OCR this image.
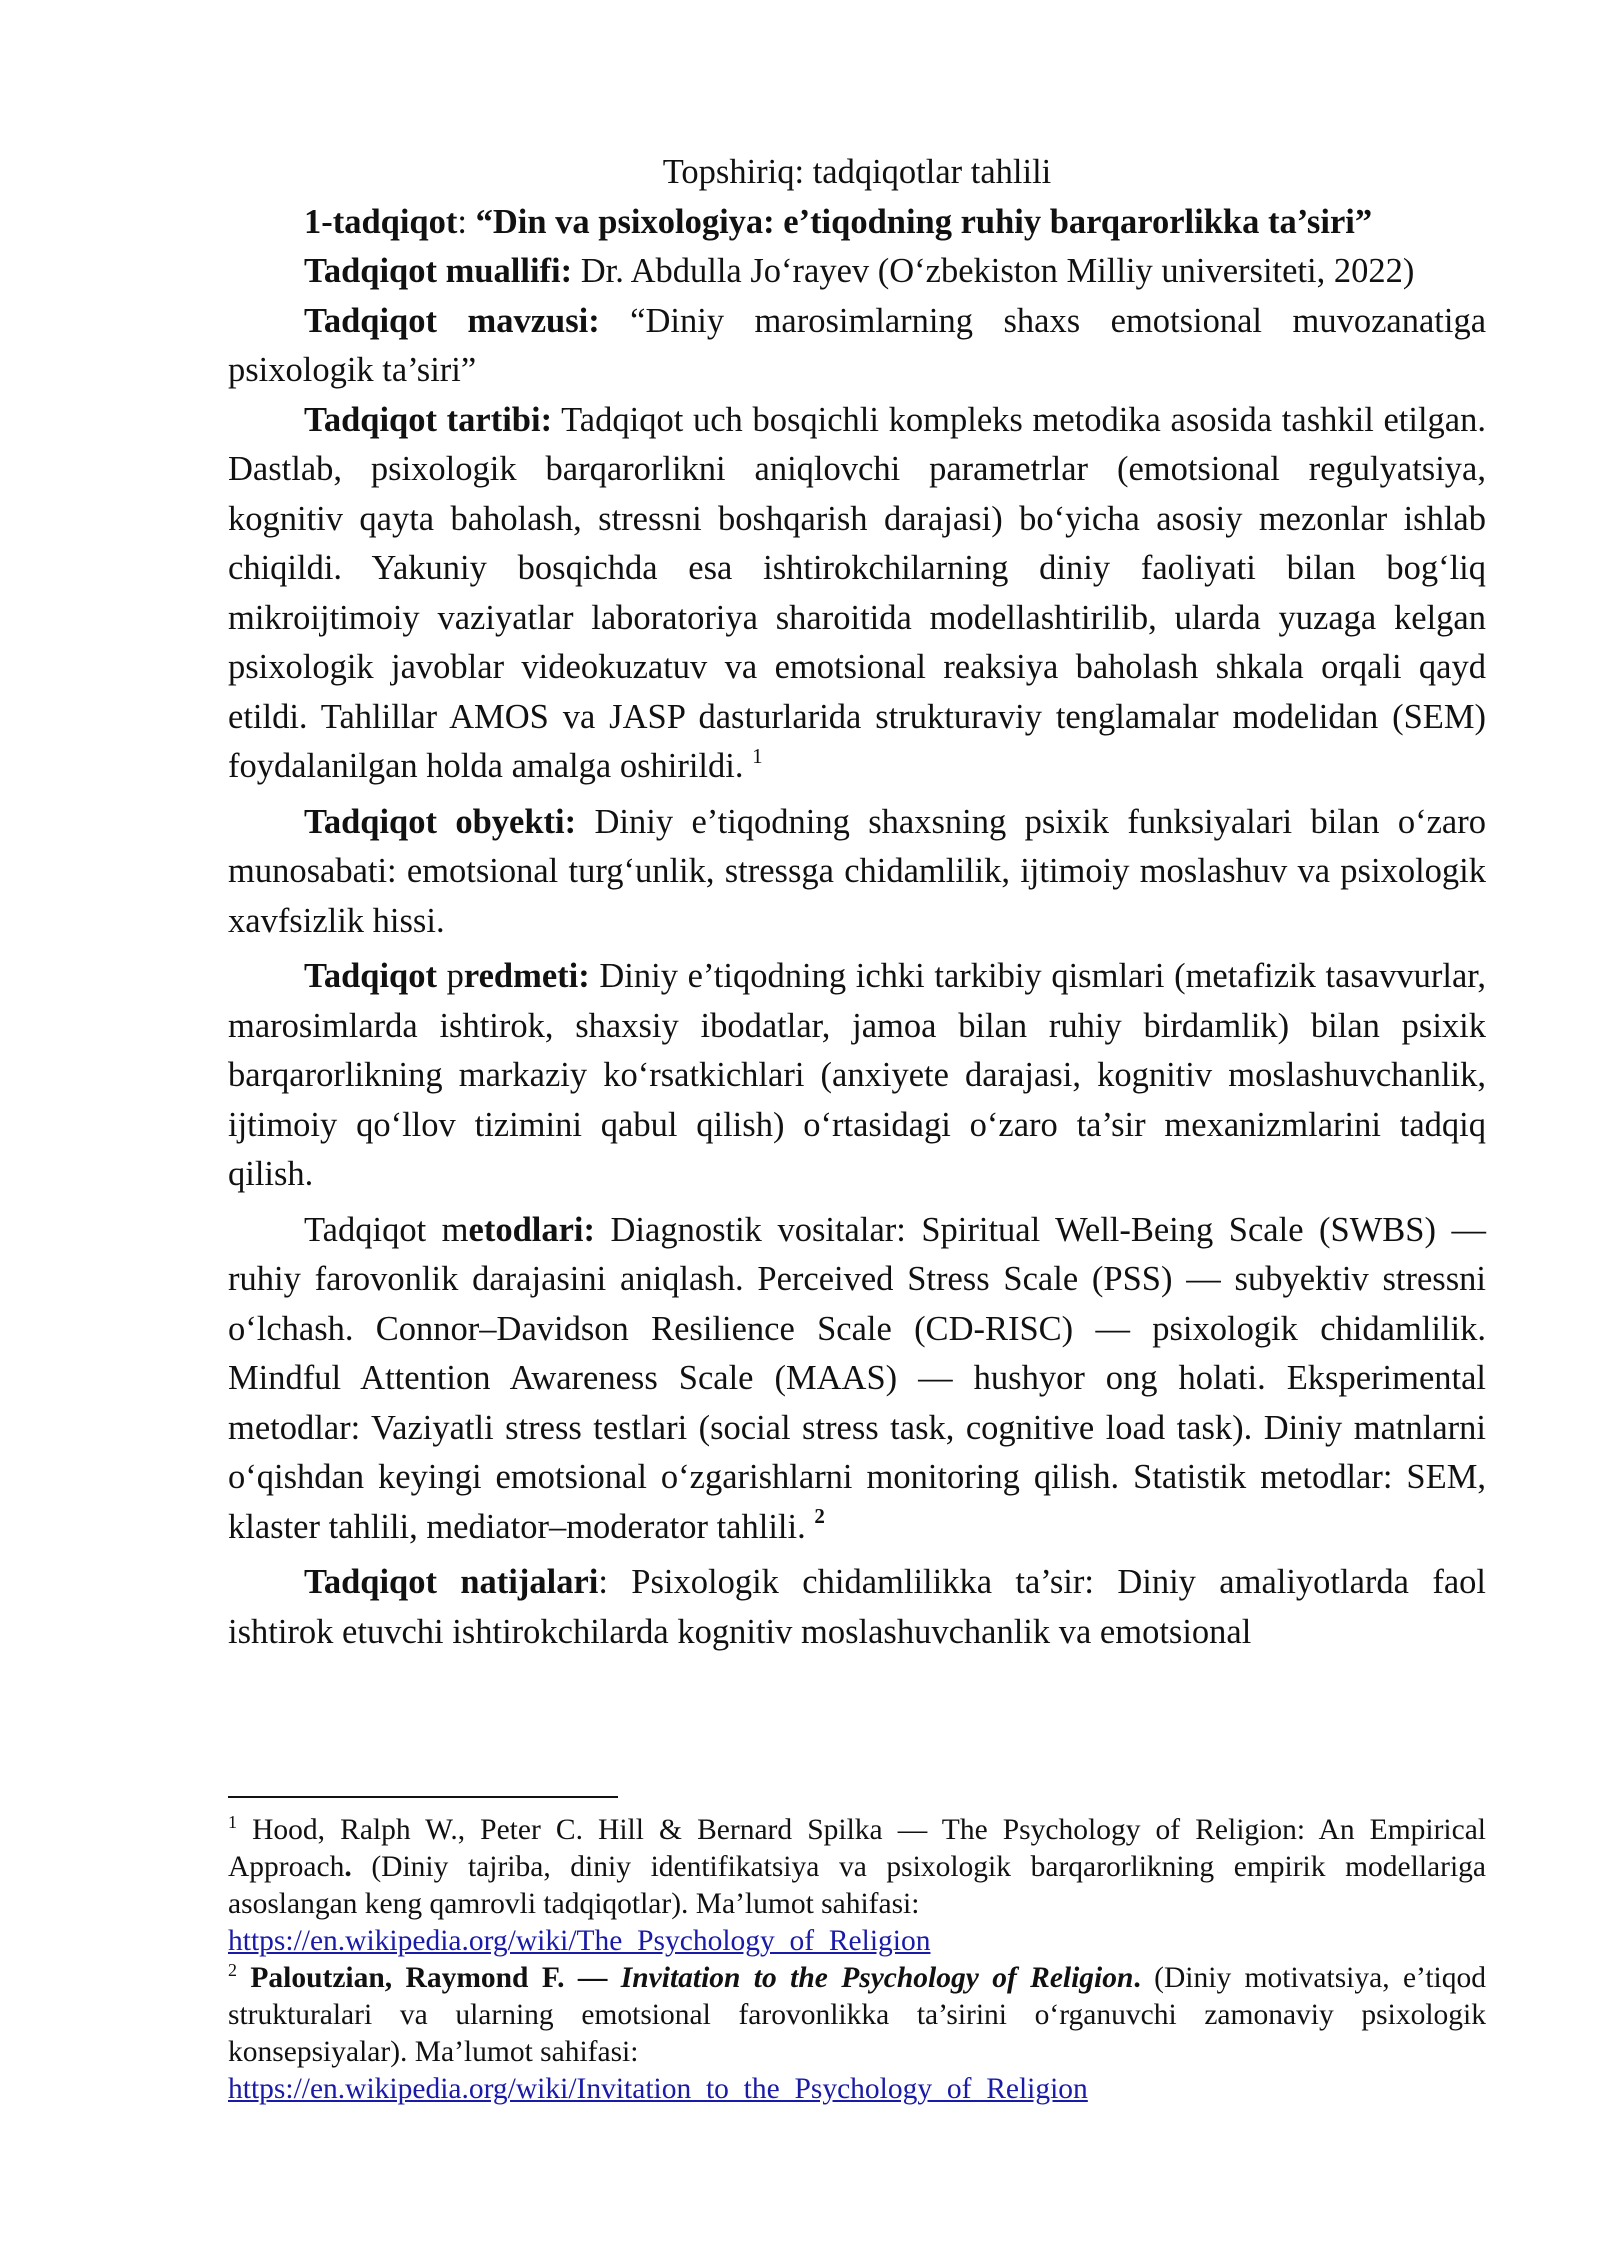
Topshiriq: tadqiqotlar tahlili

1-tadqiqot: “Din va psixologiya: e’tiqodning ruhiy barqarorlikka ta’siri”

Tadqiqot muallifi: Dr. Abdulla Jo‘rayev (O‘zbekiston Milliy universiteti, 2022)

Tadqiqot mavzusi: “Diniy marosimlarning shaxs emotsional muvozanatiga psixologik ta’siri”

Tadqiqot tartibi: Tadqiqot uch bosqichli kompleks metodika asosida tashkil etilgan. Dastlab, psixologik barqarorlikni aniqlovchi parametrlar (emotsional regulyatsiya, kognitiv qayta baholash, stressni boshqarish darajasi) bo‘yicha asosiy mezonlar ishlab chiqildi. Yakuniy bosqichda esa ishtirokchilarning diniy faoliyati bilan bog‘liq mikroijtimoiy vaziyatlar laboratoriya sharoitida modellashtirilib, ularda yuzaga kelgan psixologik javoblar videokuzatuv va emotsional reaksiya baholash shkala orqali qayd etildi. Tahlillar AMOS va JASP dasturlarida strukturaviy tenglamalar modelidan (SEM) foydalanilgan holda amalga oshirildi. $^1$

Tadqiqot obyekti: Diniy e’tiqodning shaxsning psixik funksiyalari bilan o‘zaro munosabati: emotsional turg‘unlik, stressga chidamlilik, ijtimoiy moslashuv va psixologik xavfsizlik hissi.

Tadqiqot predmeti: Diniy e’tiqodning ichki tarkibiy qismlari (metafizik tasavvurlar, marosimlarda ishtirok, shaxsiy ibodatlar, jamoa bilan ruhiy birdamlik) bilan psixik barqarorlikning markaziy ko‘rsatkichlari (anxiyete darajasi, kognitiv moslashuvchanlik, ijtimoiy qo‘llov tizimini qabul qilish) o‘rtasidagi o‘zaro ta’sir mexanizmlarini tadqiq qilish.

Tadqiqot metodlari: Diagnostik vositalar: Spiritual Well-Being Scale (SWBS) — ruhiy farovonlik darajasini aniqlash. Perceived Stress Scale (PSS) — subyektiv stressni o‘lchash. Connor–Davidson Resilience Scale (CD-RISC) — psixologik chidamlilik. Mindful Attention Awareness Scale (MAAS) — hushyor ong holati. Eksperimental metodlar: Vaziyatli stress testlari (social stress task, cognitive load task). Diniy matnlarni o‘qishdan keyingi emotsional o‘zgarishlarni monitoring qilish. Statistik metodlar: SEM, klaster tahlili, mediator–moderator tahlili. $^2$

Tadqiqot natijalari: Psixologik chidamlilikka ta’sir: Diniy amaliyotlarda faol ishtirok etuvchi ishtirokchilarda kognitiv moslashuvchanlik va emotsional

$^1$ Hood, Ralph W., Peter C. Hill & Bernard Spilka — The Psychology of Religion: An Empirical Approach. (Diniy tajriba, diniy identifikatsiya va psixologik barqarorlikning empirik modellariga asoslangan keng qamrovli tadqiqotlar). Ma’lumot sahifasi:
https://en.wikipedia.org/wiki/The_Psychology_of_Religion

$^2$ Paloutzian, Raymond F. — Invitation to the Psychology of Religion. (Diniy motivatsiya, e’tiqod strukturalari va ularning emotsional farovonlikka ta’sirini o‘rganuvchi zamonaviy psixologik konsepsiyalar). Ma’lumot sahifasi:
https://en.wikipedia.org/wiki/Invitation_to_the_Psychology_of_Religion
